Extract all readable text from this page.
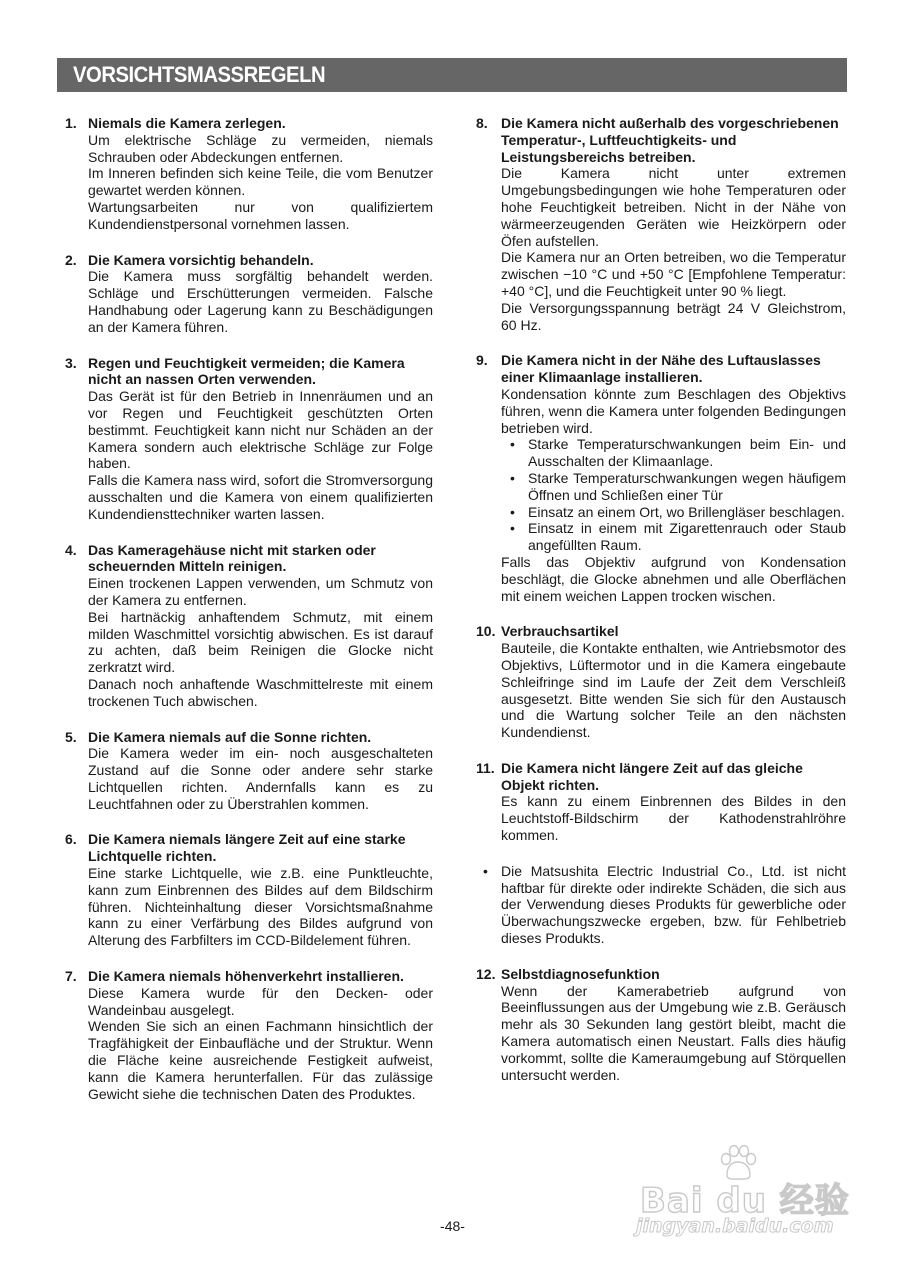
VORSICHTSMASSREGELN
1. Niemals die Kamera zerlegen.

Um elektrische Schläge zu vermeiden, niemals Schrauben oder Abdeckungen entfernen.

Im Inneren befinden sich keine Teile, die vom Benutzer gewartet werden können.

Wartungsarbeiten nur von qualifiziertem Kundendienstpersonal vornehmen lassen.

2. Die Kamera vorsichtig behandeln.

Die Kamera muss sorgfältig behandelt werden. Schläge und Erschütterungen vermeiden. Falsche Handhabung oder Lagerung kann zu Beschädigungen an der Kamera führen.

3. Regen und Feuchtigkeit vermeiden; die Kamera nicht an nassen Orten verwenden.

Das Gerät ist für den Betrieb in Innenräumen und an vor Regen und Feuchtigkeit geschützten Orten bestimmt. Feuchtigkeit kann nicht nur Schäden an der Kamera sondern auch elektrische Schläge zur Folge haben.

Falls die Kamera nass wird, sofort die Stromversorgung ausschalten und die Kamera von einem qualifizierten Kundendiensttechniker warten lassen.

4. Das Kameragehäuse nicht mit starken oder scheuernden Mitteln reinigen.

Einen trockenen Lappen verwenden, um Schmutz von der Kamera zu entfernen.

Bei hartnäckig anhaftendem Schmutz, mit einem milden Waschmittel vorsichtig abwischen. Es ist darauf zu achten, daß beim Reinigen die Glocke nicht zerkratzt wird.

Danach noch anhaftende Waschmittelreste mit einem trockenen Tuch abwischen.

5. Die Kamera niemals auf die Sonne richten.

Die Kamera weder im ein- noch ausgeschalteten Zustand auf die Sonne oder andere sehr starke Lichtquellen richten. Andernfalls kann es zu Leuchtfahnen oder zu Überstrahlen kommen.

6. Die Kamera niemals längere Zeit auf eine starke Lichtquelle richten.

Eine starke Lichtquelle, wie z.B. eine Punktleuchte, kann zum Einbrennen des Bildes auf dem Bildschirm führen. Nichteinhaltung dieser Vorsichtsmaßnahme kann zu einer Verfärbung des Bildes aufgrund von Alterung des Farbfilters im CCD-Bildelement führen.

7. Die Kamera niemals höhenverkehrt installieren.

Diese Kamera wurde für den Decken- oder Wandeinbau ausgelegt.

Wenden Sie sich an einen Fachmann hinsichtlich der Tragfähigkeit der Einbaufläche und der Struktur. Wenn die Fläche keine ausreichende Festigkeit aufweist, kann die Kamera herunterfallen. Für das zulässige Gewicht siehe die technischen Daten des Produktes.

8. Die Kamera nicht außerhalb des vorgeschriebenen Temperatur-, Luftfeuchtigkeits- und Leistungsbereichs betreiben.

Die Kamera nicht unter extremen Umgebungsbedingungen wie hohe Temperaturen oder hohe Feuchtigkeit betreiben. Nicht in der Nähe von wärmeerzeugenden Geräten wie Heizkörpern oder Öfen aufstellen.

Die Kamera nur an Orten betreiben, wo die Temperatur zwischen −10 °C und +50 °C [Empfohlene Temperatur: +40 °C], und die Feuchtigkeit unter 90 % liegt.

Die Versorgungsspannung beträgt 24 V Gleichstrom, 60 Hz.

9. Die Kamera nicht in der Nähe des Luftauslasses einer Klimaanlage installieren.

Kondensation könnte zum Beschlagen des Objektivs führen, wenn die Kamera unter folgenden Bedingungen betrieben wird.

• Starke Temperaturschwankungen beim Ein- und Ausschalten der Klimaanlage.
• Starke Temperaturschwankungen wegen häufigem Öffnen und Schließen einer Tür
• Einsatz an einem Ort, wo Brillengläser beschlagen.
• Einsatz in einem mit Zigarettenrauch oder Staub angefüllten Raum.

Falls das Objektiv aufgrund von Kondensation beschlägt, die Glocke abnehmen und alle Oberflächen mit einem weichen Lappen trocken wischen.

10. Verbrauchsartikel

Bauteile, die Kontakte enthalten, wie Antriebsmotor des Objektivs, Lüftermotor und in die Kamera eingebaute Schleifringe sind im Laufe der Zeit dem Verschleiß ausgesetzt. Bitte wenden Sie sich für den Austausch und die Wartung solcher Teile an den nächsten Kundendienst.

11. Die Kamera nicht längere Zeit auf das gleiche Objekt richten.

Es kann zu einem Einbrennen des Bildes in den Leuchtstoff-Bildschirm der Kathodenstrahlröhre kommen.

• Die Matsushita Electric Industrial Co., Ltd. ist nicht haftbar für direkte oder indirekte Schäden, die sich aus der Verwendung dieses Produkts für gewerbliche oder Überwachungszwecke ergeben, bzw. für Fehlbetrieb dieses Produkts.
12. Selbstdiagnosefunktion

Wenn der Kamerabetrieb aufgrund von Beeinflussungen aus der Umgebung wie z.B. Geräusch mehr als 30 Sekunden lang gestört bleibt, macht die Kamera automatisch einen Neustart. Falls dies häufig vorkommt, sollte die Kameraumgebung auf Störquellen untersucht werden.

-48-
Bai du 经验
jingyan.baidu.com
